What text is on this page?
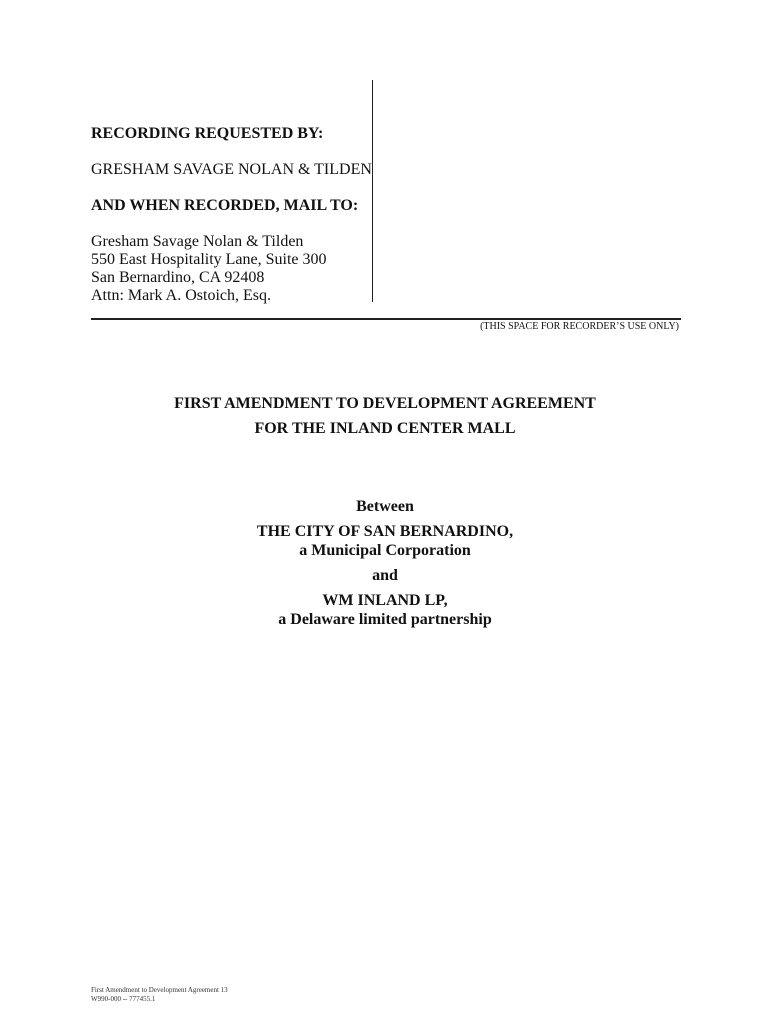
RECORDING REQUESTED BY:
GRESHAM SAVAGE NOLAN & TILDEN
AND WHEN RECORDED, MAIL TO:
Gresham Savage Nolan & Tilden
550 East Hospitality Lane, Suite 300
San Bernardino, CA 92408
Attn: Mark A. Ostoich, Esq.
(THIS SPACE FOR RECORDER’S USE ONLY)
FIRST AMENDMENT TO DEVELOPMENT AGREEMENT
FOR THE INLAND CENTER MALL
Between
THE CITY OF SAN BERNARDINO,
a Municipal Corporation
and
WM INLAND LP,
a Delaware limited partnership
First Amendment to Development Agreement 13
W990-000 -- 777455.1
